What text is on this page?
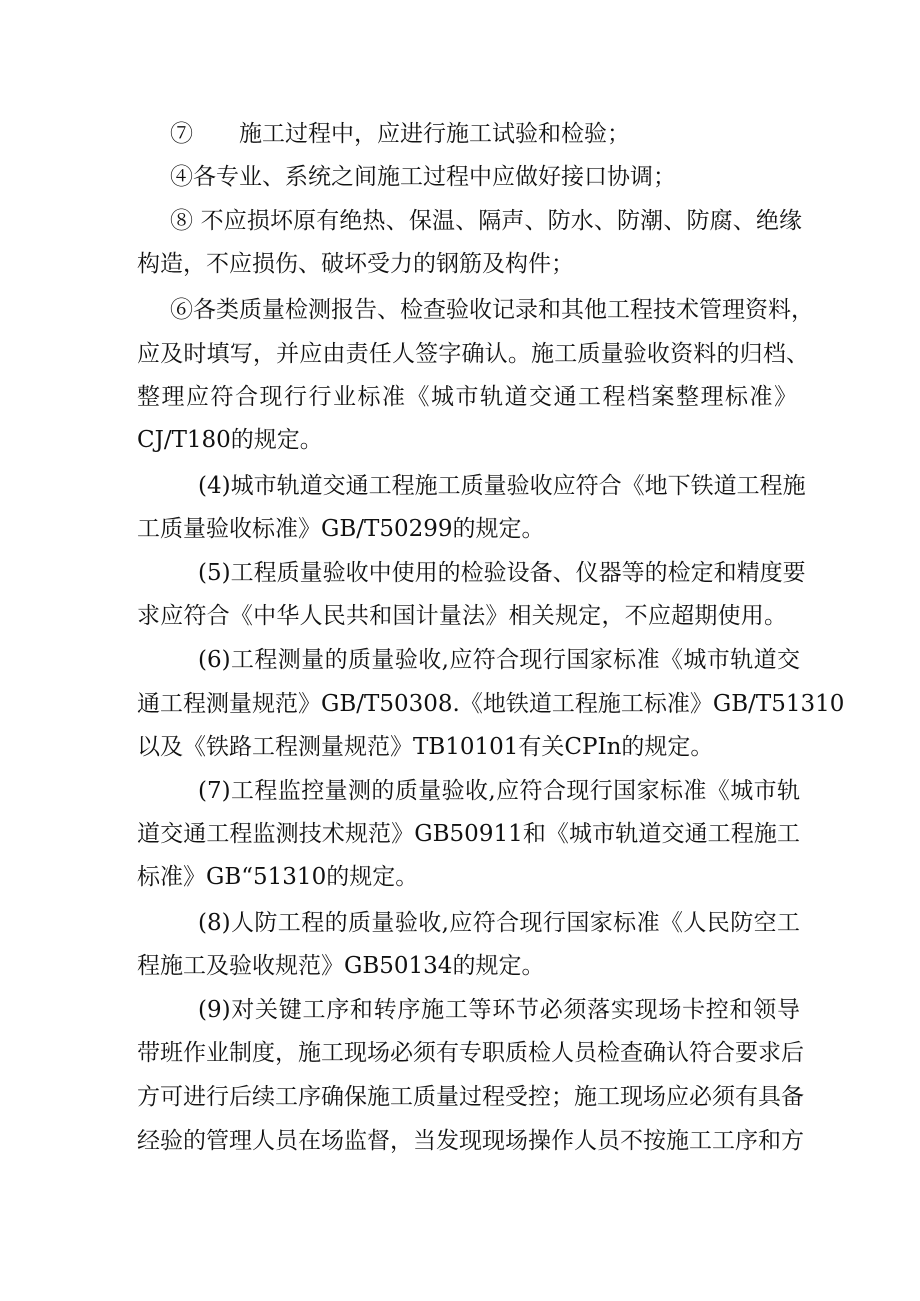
⑦　　施工过程中，应进行施工试验和检验；
④各专业、系统之间施工过程中应做好接口协调；
⑧ 不应损坏原有绝热、保温、隔声、防水、防潮、防腐、绝缘
构造，不应损伤、破坏受力的钢筋及构件；
⑥各类质量检测报告、检查验收记录和其他工程技术管理资料，
应及时填写，并应由责任人签字确认。施工质量验收资料的归档、
整理应符合现行行业标准《城市轨道交通工程档案整理标准》
CJ/T180的规定。
(4)城市轨道交通工程施工质量验收应符合《地下铁道工程施
工质量验收标准》GB/T50299的规定。
(5)工程质量验收中使用的检验设备、仪器等的检定和精度要
求应符合《中华人民共和国计量法》相关规定，不应超期使用。
(6)工程测量的质量验收,应符合现行国家标准《城市轨道交
通工程测量规范》GB/T50308.《地铁道工程施工标准》GB/T51310
以及《铁路工程测量规范》TB10101有关CPIn的规定。
(7)工程监控量测的质量验收,应符合现行国家标准《城市轨
道交通工程监测技术规范》GB50911和《城市轨道交通工程施工
标准》GB“51310的规定。
(8)人防工程的质量验收,应符合现行国家标准《人民防空工
程施工及验收规范》GB50134的规定。
(9)对关键工序和转序施工等环节必须落实现场卡控和领导
带班作业制度，施工现场必须有专职质检人员检查确认符合要求后
方可进行后续工序确保施工质量过程受控；施工现场应必须有具备
经验的管理人员在场监督，当发现现场操作人员不按施工工序和方
